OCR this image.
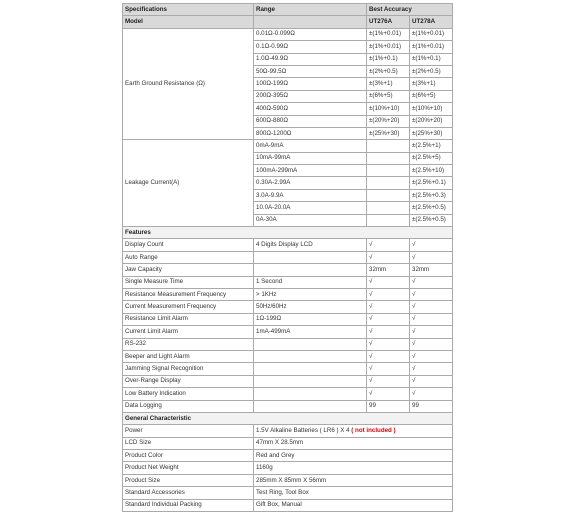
Specifications	Range	Best Accuracy	
Model		UT276A	UT278A
Earth Ground Resistance (Ω)	0.01Ω-0.099Ω	±(1%+0.01)	±(1%+0.01)
	0.1Ω-0.99Ω	±(1%+0.01)	±(1%+0.01)
	1.0Ω-49.9Ω	±(1%+0.1)	±(1%+0.1)
	50Ω-99.5Ω	±(2%+0.5)	±(2%+0.5)
	100Ω-199Ω	±(3%+1)	±(3%+1)
	200Ω-395Ω	±(6%+5)	±(6%+5)
	400Ω-590Ω	±(10%+10)	±(10%+10)
	600Ω-880Ω	±(20%+20)	±(20%+20)
	800Ω-1200Ω	±(25%+30)	±(25%+30)
Leakage Current(A)	0mA-9mA		±(2.5%+1)
	10mA-99mA		±(2.5%+5)
	100mA-299mA		±(2.5%+10)
	0.30A-2.99A		±(2.5%+0.1)
	3.0A-9.9A		±(2.5%+0.3)
	10.0A-20.0A		±(2.5%+0.5)
	0A-30A		±(2.5%+0.5)
Features			
Display Count	4 Digits Display LCD	√	√
Auto Range		√	√
Jaw Capacity		32mm	32mm
Single Measure Time	1 Second	√	√
Resistance Measurement Frequency	> 1KHz	√	√
Current Measurement Frequency	50Hz/60Hz	√	√
Resistance Limit Alarm	1Ω-199Ω	√	√
Current Limit Alarm	1mA-499mA	√	√
RS-232		√	√
Beeper and Light Alarm		√	√
Jamming Signal Recognition		√	√
Over-Range Display		√	√
Low Battery Indication		√	√
Data Logging		99	99
General Characteristic			
Power	1.5V Alkaline Batteries ( LR6 ) X 4 ( not included )		
LCD Size	47mm X 28.5mm		
Product Color	Red and Grey		
Product Net Weight	1160g		
Product Size	285mm X 85mm X 56mm		
Standard Accessories	Test Ring, Tool Box		
Standard Individual Packing	Gift Box, Manual		
